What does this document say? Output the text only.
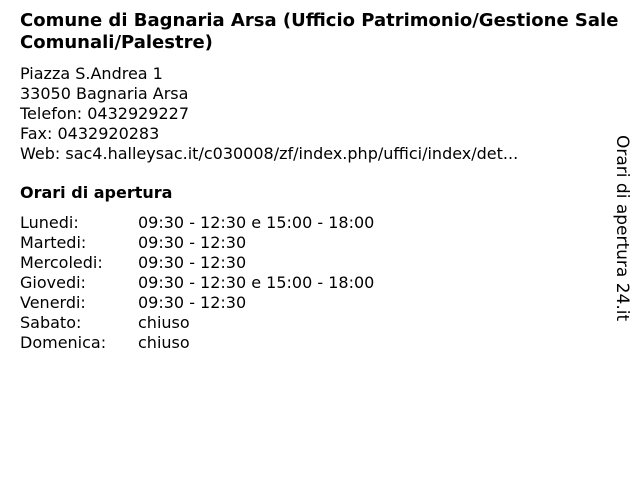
Comune di Bagnaria Arsa (Ufficio Patrimonio/Gestione Sale Comunali/Palestre)
Piazza S.Andrea 1
33050 Bagnaria Arsa
Telefon: 0432929227
Fax: 0432920283
Web: sac4.halleysac.it/c030008/zf/index.php/uffici/index/det...
Orari di apertura
Lunedi:	09:30 - 12:30 e 15:00 - 18:00
Martedi:	09:30 - 12:30
Mercoledi: 09:30 - 12:30
Giovedi:	09:30 - 12:30 e 15:00 - 18:00
Venerdi:	09:30 - 12:30
Sabato:	chiuso
Domenica: chiuso
Orari di apertura 24.it
